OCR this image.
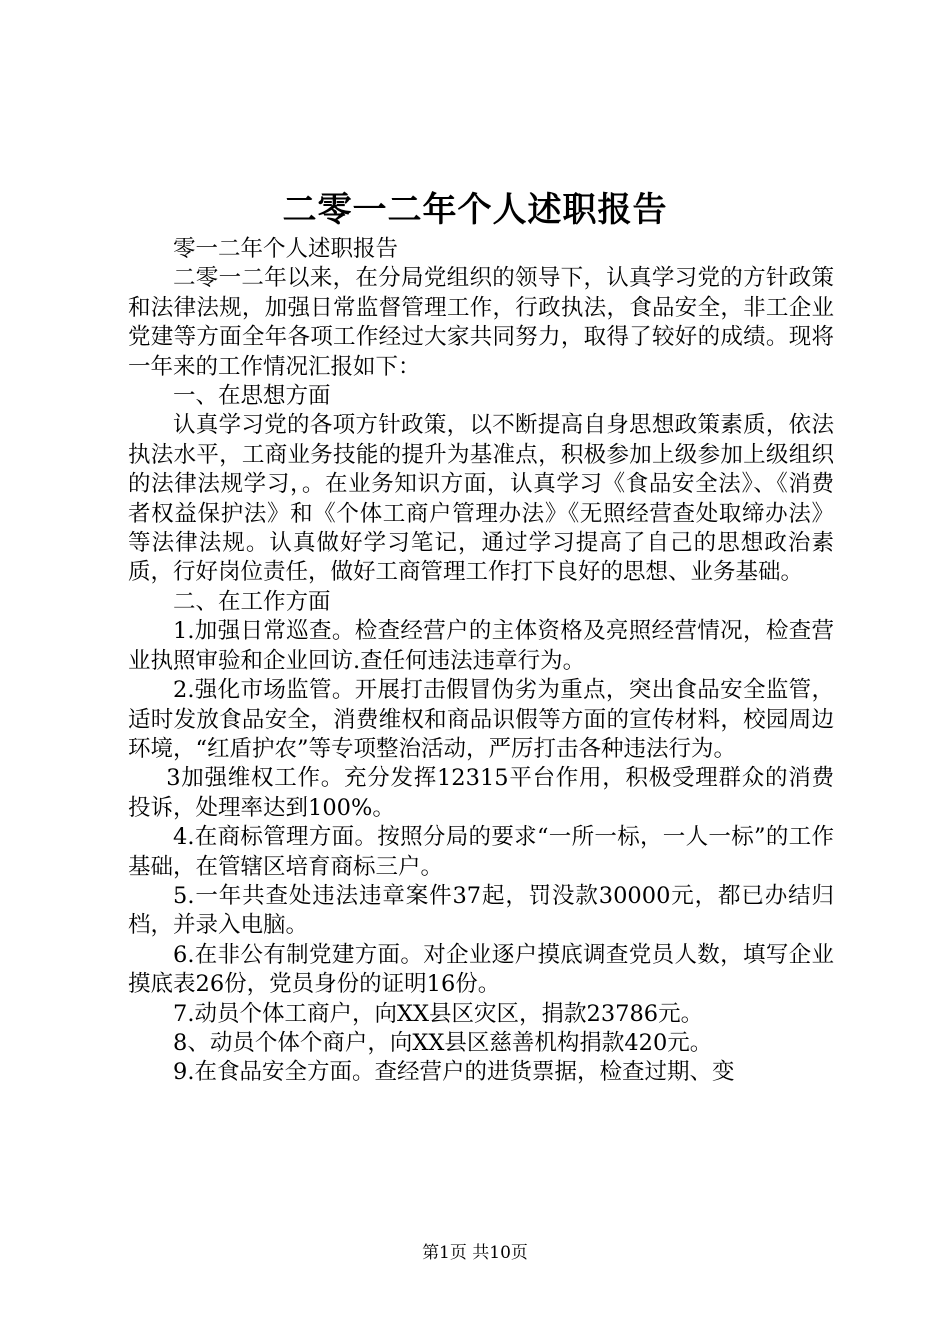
二零一二年个人述职报告

零一二年个人述职报告

二零一二年以来，在分局党组织的领导下，认真学习党的方针政策和法律法规，加强日常监督管理工作，行政执法，食品安全，非工企业党建等方面全年各项工作经过大家共同努力，取得了较好的成绩。现将一年来的工作情况汇报如下：

一、在思想方面

认真学习党的各项方针政策，以不断提高自身思想政策素质，依法执法水平，工商业务技能的提升为基准点，积极参加上级参加上级组织的法律法规学习，。在业务知识方面，认真学习《食品安全法》、《消费者权益保护法》和《个体工商户管理办法》《无照经营查处取缔办法》等法律法规。认真做好学习笔记，通过学习提高了自己的思想政治素质，行好岗位责任，做好工商管理工作打下良好的思想、业务基础。

二、在工作方面

1.加强日常巡查。检查经营户的主体资格及亮照经营情况，检查营业执照审验和企业回访.查任何违法违章行为。

2.强化市场监管。开展打击假冒伪劣为重点，突出食品安全监管，适时发放食品安全，消费维权和商品识假等方面的宣传材料，校园周边环境，“红盾护农”等专项整治活动，严厉打击各种违法行为。

3加强维权工作。充分发挥12315平台作用，积极受理群众的消费投诉，处理率达到100%。

4.在商标管理方面。按照分局的要求“一所一标，一人一标”的工作基础，在管辖区培育商标三户。

5.一年共查处违法违章案件37起，罚没款30000元，都已办结归档，并录入电脑。

6.在非公有制党建方面。对企业逐户摸底调查党员人数，填写企业摸底表26份，党员身份的证明16份。

7.动员个体工商户，向XX县区灾区，捐款23786元。

8、动员个体个商户，向XX县区慈善机构捐款420元。

9.在食品安全方面。查经营户的进货票据，检查过期、变

第1页 共10页
